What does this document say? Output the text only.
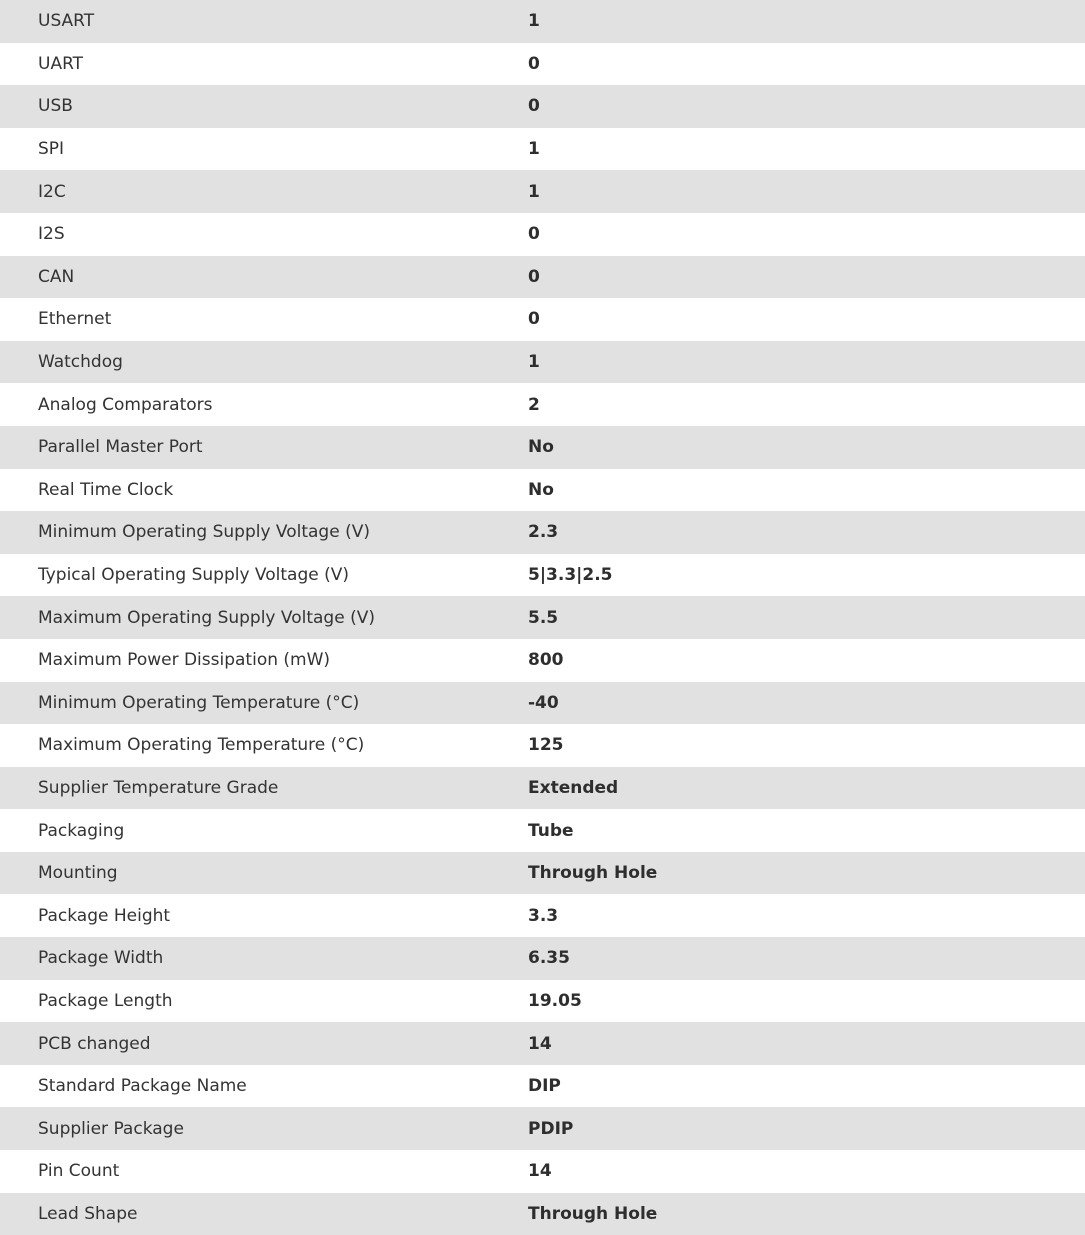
USART	1
UART	0
USB	0
SPI	1
I2C	1
I2S	0
CAN	0
Ethernet	0
Watchdog	1
Analog Comparators	2
Parallel Master Port	No
Real Time Clock	No
Minimum Operating Supply Voltage (V)	2.3
Typical Operating Supply Voltage (V)	5|3.3|2.5
Maximum Operating Supply Voltage (V)	5.5
Maximum Power Dissipation (mW)	800
Minimum Operating Temperature (°C)	-40
Maximum Operating Temperature (°C)	125
Supplier Temperature Grade	Extended
Packaging	Tube
Mounting	Through Hole
Package Height	3.3
Package Width	6.35
Package Length	19.05
PCB changed	14
Standard Package Name	DIP
Supplier Package	PDIP
Pin Count	14
Lead Shape	Through Hole
